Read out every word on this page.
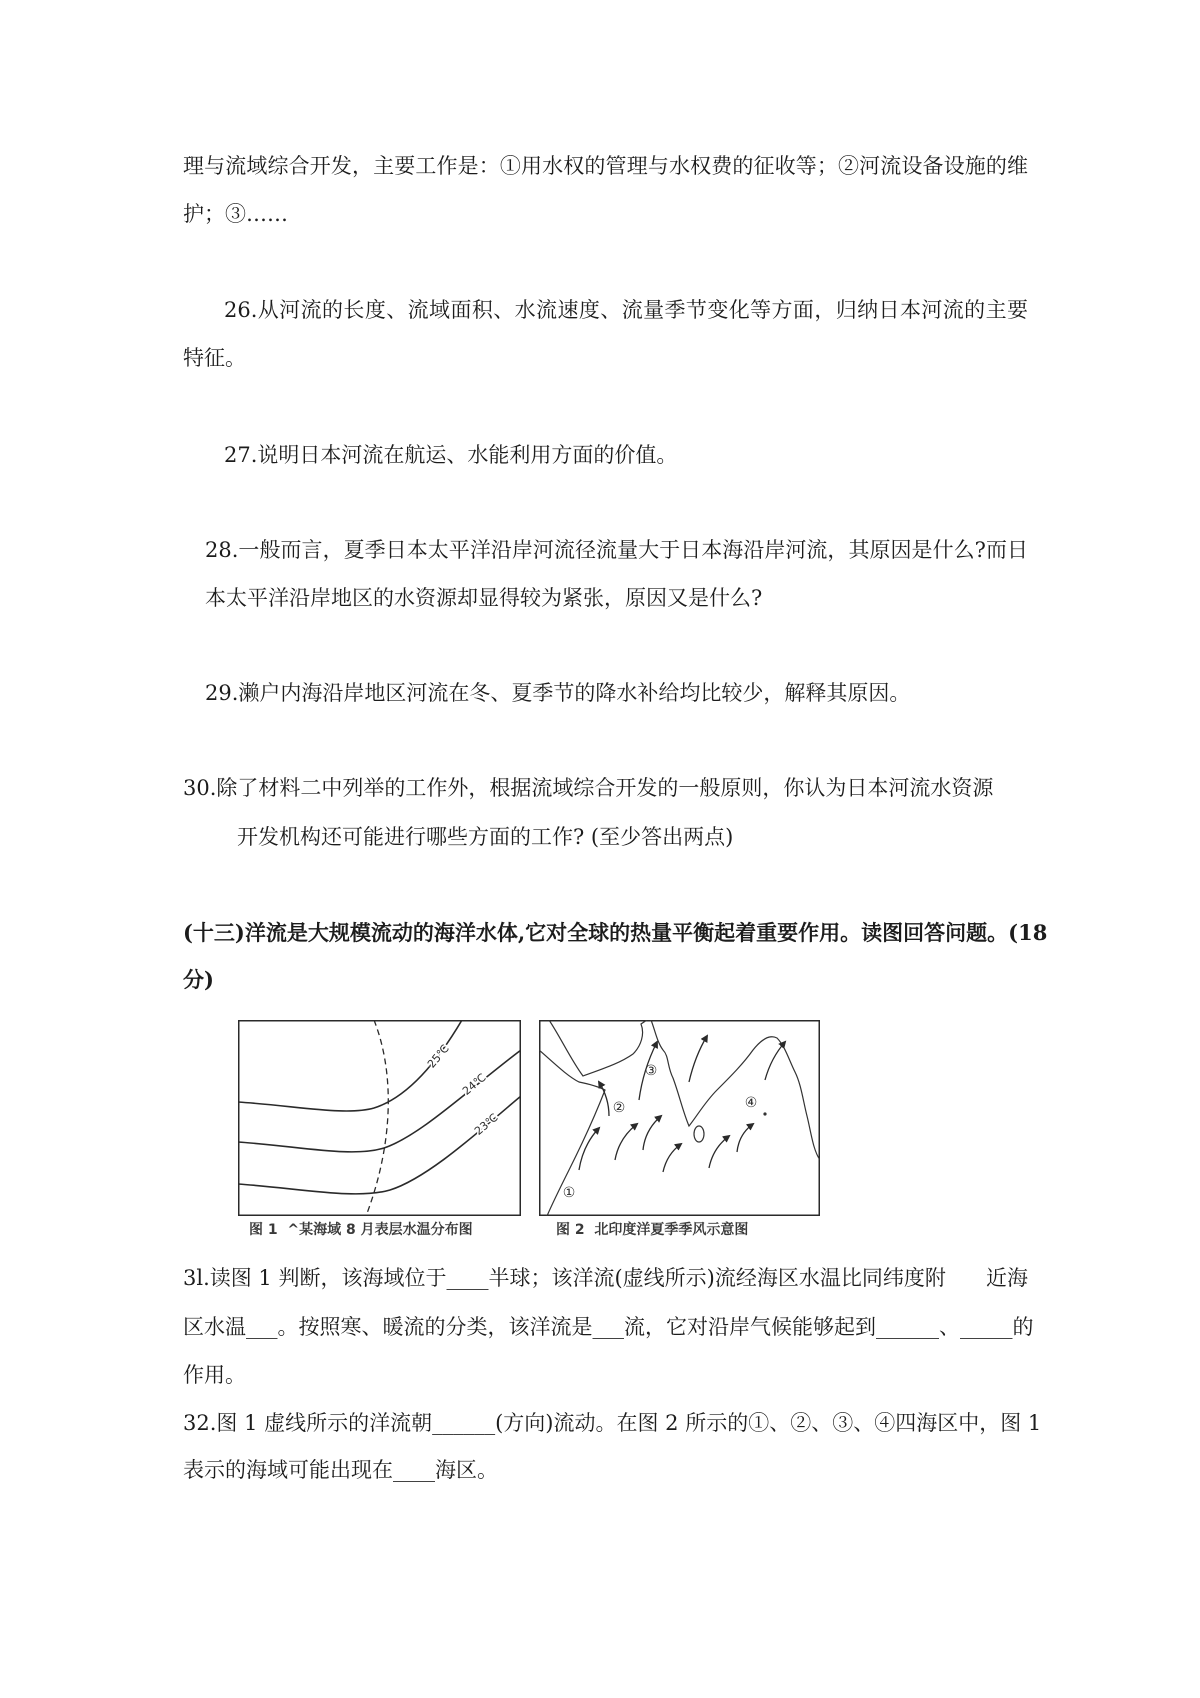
理与流域综合开发，主要工作是：①用水权的管理与水权费的征收等；②河流设备设施的维
护；③……
26.从河流的长度、流域面积、水流速度、流量季节变化等方面，归纳日本河流的主要
特征。
27.说明日本河流在航运、水能利用方面的价值。
28.一般而言，夏季日本太平洋沿岸河流径流量大于日本海沿岸河流，其原因是什么?而日
本太平洋沿岸地区的水资源却显得较为紧张，原因又是什么?
29.濑户内海沿岸地区河流在冬、夏季节的降水补给均比较少，解释其原因。
30.除了材料二中列举的工作外，根据流域综合开发的一般原则，你认为日本河流水资源
开发机构还可能进行哪些方面的工作? (至少答出两点)
(十三)洋流是大规模流动的海洋水体,它对全球的热量平衡起着重要作用。读图回答问题。(18
分)
25℃
24℃
23℃
图 1  ^某海域 8 月表层水温分布图
①
②
③
④
图 2  北印度洋夏季季风示意图
3l.读图 1 判断，该海域位于____半球；该洋流(虚线所示)流经海区水温比同纬度附	近海
区水温___。按照寒、暖流的分类，该洋流是___流，它对沿岸气候能够起到______、_____的
作用。
32.图 1 虚线所示的洋流朝______(方向)流动。在图 2 所示的①、②、③、④四海区中，图 1
表示的海域可能出现在____海区。
